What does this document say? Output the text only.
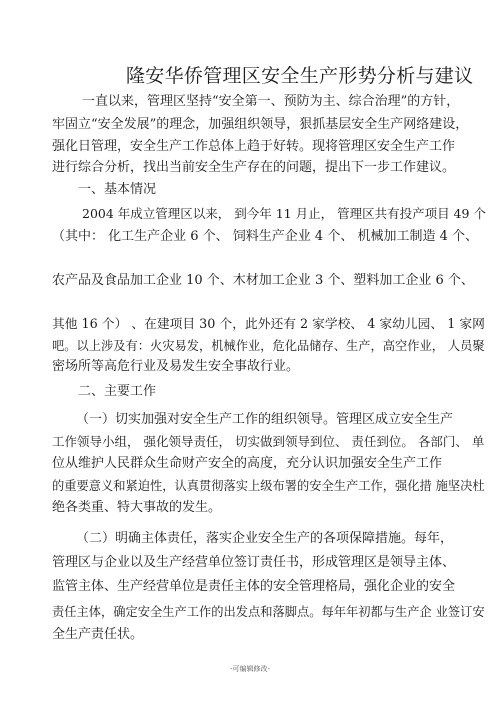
隆安华侨管理区安全生产形势分析与建议

一直以来，管理区坚持“安全第一、预防为主、综合治理”的方针，

牢固立“安全发展”的理念，加强组织领导，狠抓基层安全生产网络建设，

强化日管理，安全生产工作总体上趋于好转。现将管理区安全生产工作

进行综合分析，找出当前安全生产存在的问题，提出下一步工作建议。

一、基本情况

2004 年成立管理区以来， 到今年 11 月止， 管理区共有投产项目 49 个

（其中： 化工生产企业 6 个、 饲料生产企业 4 个、 机械加工制造 4 个、

农产品及食品加工企业 10 个、木材加工企业 3 个、塑料加工企业 6 个、

其他 16 个） 、在建项目 30 个，此外还有 2 家学校、 4 家幼儿园、 1 家网

吧。以上涉及有：火灾易发，机械作业，危化品储存、生产，高空作业， 人员聚

密场所等高危行业及易发生安全事故行业。

二、主要工作

（一）切实加强对安全生产工作的组织领导。管理区成立安全生产

工作领导小组， 强化领导责任， 切实做到领导到位、 责任到位。 各部门、 单

位从维护人民群众生命财产安全的高度，充分认识加强安全生产工作

的重要意义和紧迫性，认真贯彻落实上级布署的安全生产工作，强化措 施坚决杜

绝各类重、特大事故的发生。

（二）明确主体责任，落实企业安全生产的各项保障措施。每年，

管理区与企业以及生产经营单位签订责任书，形成管理区是领导主体、

监管主体、生产经营单位是责任主体的安全管理格局，强化企业的安全

责任主体，确定安全生产工作的出发点和落脚点。每年年初都与生产企 业签订安

全生产责任状。

-可编辑修改-
